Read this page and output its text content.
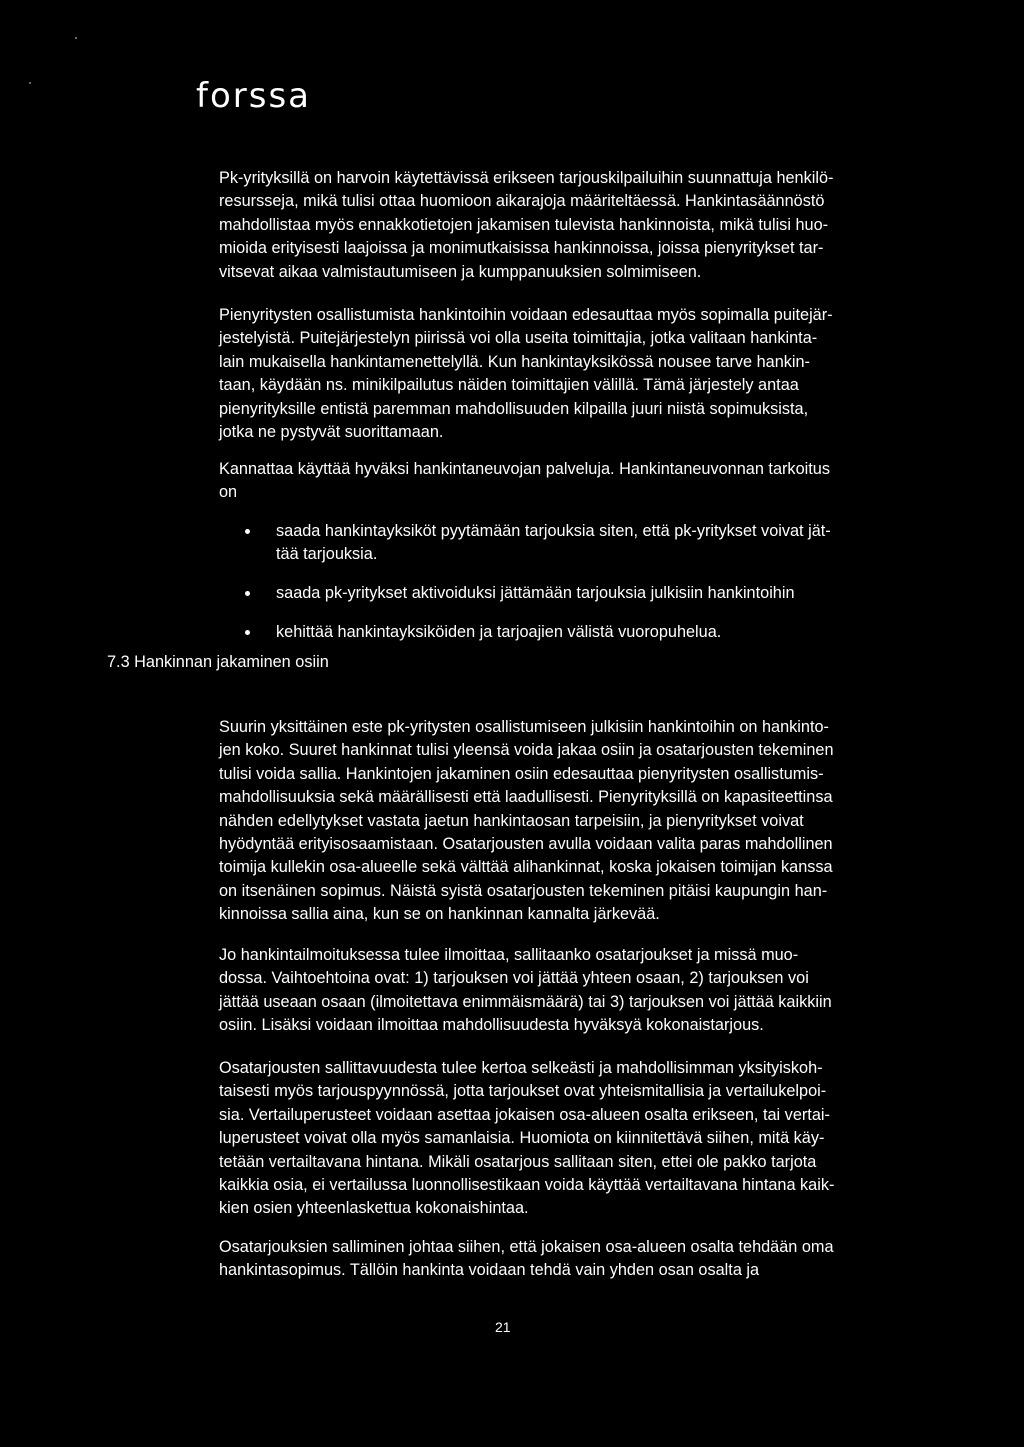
forssa
Pk-yrityksillä on harvoin käytettävissä erikseen tarjouskilpailuihin suunnattuja henkilö-
resursseja, mikä tulisi ottaa huomioon aikarajoja määriteltäessä. Hankintasäännöstö
mahdollistaa myös ennakkotietojen jakamisen tulevista hankinnoista, mikä tulisi huo-
mioida erityisesti laajoissa ja monimutkaisissa hankinnoissa, joissa pienyritykset tar-
vitsevat aikaa valmistautumiseen ja kumppanuuksien solmimiseen.
Pienyritysten osallistumista hankintoihin voidaan edesauttaa myös sopimalla puitejär-
jestelyistä. Puitejärjestelyn piirissä voi olla useita toimittajia, jotka valitaan hankinta-
lain mukaisella hankintamenettelyllä. Kun hankintayksikössä nousee tarve hankin-
taan, käydään ns. minikilpailutus näiden toimittajien välillä. Tämä järjestely antaa
pienyrityksille entistä paremman mahdollisuuden kilpailla juuri niistä sopimuksista,
jotka ne pystyvät suorittamaan.
Kannattaa käyttää hyväksi hankintaneuvojan palveluja. Hankintaneuvonnan tarkoitus
on
saada hankintayksiköt pyytämään tarjouksia siten, että pk-yritykset voivat jät-
tää tarjouksia.
saada pk-yritykset aktivoiduksi jättämään tarjouksia julkisiin hankintoihin
kehittää hankintayksiköiden ja tarjoajien välistä vuoropuhelua.
7.3 Hankinnan jakaminen osiin
Suurin yksittäinen este pk-yritysten osallistumiseen julkisiin hankintoihin on hankinto-
jen koko. Suuret hankinnat tulisi yleensä voida jakaa osiin ja osatarjousten tekeminen
tulisi voida sallia. Hankintojen jakaminen osiin edesauttaa pienyritysten osallistumis-
mahdollisuuksia sekä määrällisesti että laadullisesti. Pienyrityksillä on kapasiteettinsa
nähden edellytykset vastata jaetun hankintaosan tarpeisiin, ja pienyritykset voivat
hyödyntää erityisosaamistaan. Osatarjousten avulla voidaan valita paras mahdollinen
toimija kullekin osa-alueelle sekä välttää alihankinnat, koska jokaisen toimijan kanssa
on itsenäinen sopimus. Näistä syistä osatarjousten tekeminen pitäisi kaupungin han-
kinnoissa sallia aina, kun se on hankinnan kannalta järkevää.
Jo hankintailmoituksessa tulee ilmoittaa, sallitaanko osatarjoukset ja missä muo-
dossa. Vaihtoehtoina ovat: 1) tarjouksen voi jättää yhteen osaan, 2) tarjouksen voi
jättää useaan osaan (ilmoitettava enimmäismäärä) tai 3) tarjouksen voi jättää kaikkiin
osiin. Lisäksi voidaan ilmoittaa mahdollisuudesta hyväksyä kokonaistarjous.
Osatarjousten sallittavuudesta tulee kertoa selkeästi ja mahdollisimman yksityiskoh-
taisesti myös tarjouspyynnössä, jotta tarjoukset ovat yhteismitallisia ja vertailukelpoi-
sia. Vertailuperusteet voidaan asettaa jokaisen osa-alueen osalta erikseen, tai vertai-
luperusteet voivat olla myös samanlaisia. Huomiota on kiinnitettävä siihen, mitä käy-
tetään vertailtavana hintana. Mikäli osatarjous sallitaan siten, ettei ole pakko tarjota
kaikkia osia, ei vertailussa luonnollisestikaan voida käyttää vertailtavana hintana kaik-
kien osien yhteenlaskettua kokonaishintaa.
Osatarjouksien salliminen johtaa siihen, että jokaisen osa-alueen osalta tehdään oma
hankintasopimus. Tällöin hankinta voidaan tehdä vain yhden osan osalta ja
21
